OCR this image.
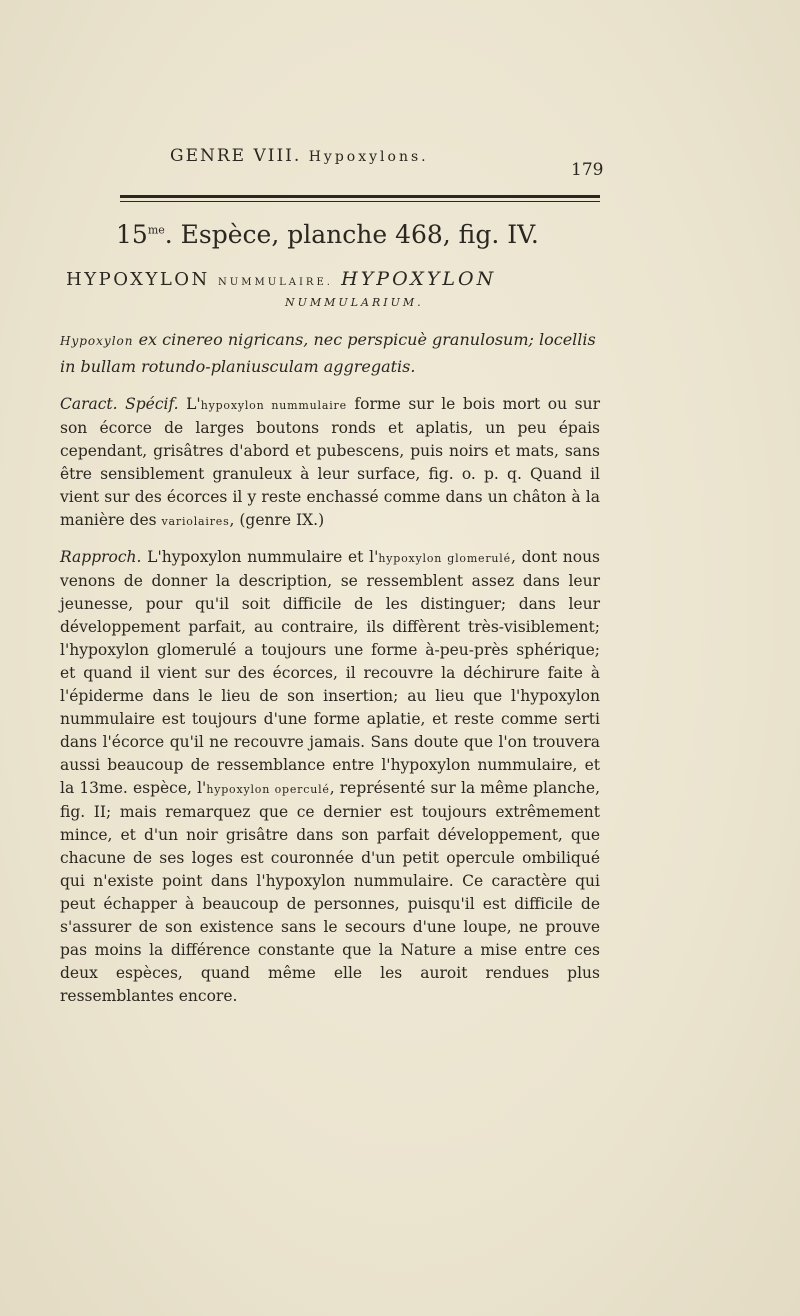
GENRE VIII. Hypoxylons.
179
$15^{me}$. Espèce, planche 468, fig. IV.
HYPOXYLON NUMMULAIRE. HYPOXYLON
NUMMULARIUM.
Hypoxylon ex cinereo nigricans, nec perspicuè granulosum; locellis in bullam rotundo-planiusculam aggregatis.
Caract. Spécif. L'hypoxylon nummulaire forme sur le bois mort ou sur son écorce de larges boutons ronds et aplatis, un peu épais cependant, grisâtres d'abord et pubescens, puis noirs et mats, sans être sensiblement granuleux à leur surface, fig. o. p. q. Quand il vient sur des écorces il y reste enchassé comme dans un châton à la manière des variolaires, (genre IX.)
Rapproch. L'hypoxylon nummulaire et l'hypoxylon glomerulé, dont nous venons de donner la description, se ressemblent assez dans leur jeunesse, pour qu'il soit difficile de les distinguer; dans leur développement parfait, au contraire, ils diffèrent très-visiblement; l'hypoxylon glomerulé a toujours une forme à-peu-près sphérique; et quand il vient sur des écorces, il recouvre la déchirure faite à l'épiderme dans le lieu de son insertion; au lieu que l'hypoxylon nummulaire est toujours d'une forme aplatie, et reste comme serti dans l'écorce qu'il ne recouvre jamais. Sans doute que l'on trouvera aussi beaucoup de ressemblance entre l'hypoxylon nummulaire, et la 13me. espèce, l'hypoxylon operculé, représenté sur la même planche, fig. II; mais remarquez que ce dernier est toujours extrêmement mince, et d'un noir grisâtre dans son parfait développement, que chacune de ses loges est couronnée d'un petit opercule ombiliqué qui n'existe point dans l'hypoxylon nummulaire. Ce caractère qui peut échapper à beaucoup de personnes, puisqu'il est difficile de s'assurer de son existence sans le secours d'une loupe, ne prouve pas moins la différence constante que la Nature a mise entre ces deux espèces, quand même elle les auroit rendues plus ressemblantes encore.
